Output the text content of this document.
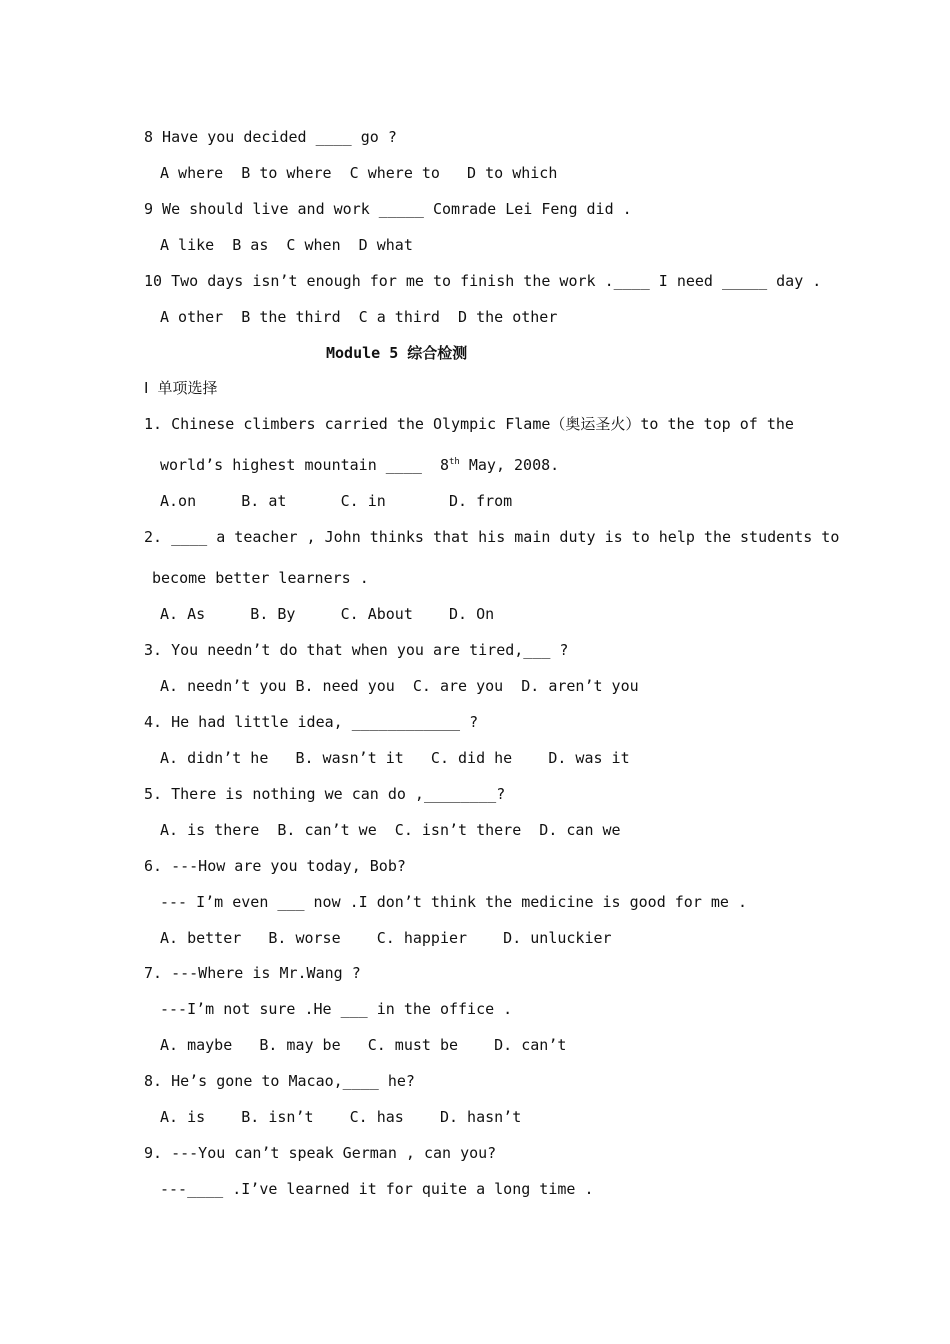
8 Have you decided ____ go ?
A where  B to where  C where to   D to which
9 We should live and work _____ Comrade Lei Feng did .
A like  B as  C when  D what
10 Two days isn’t enough for me to finish the work .____ I need _____ day .
A other  B the third  C a third  D the other
Module 5 综合检测
Ⅰ 单项选择
1. Chinese climbers carried the Olympic Flame（奥运圣火）to the top of the
world’s highest mountain ____  8th May, 2008.
A.on     B. at      C. in       D. from
2. ____ a teacher , John thinks that his main duty is to help the students to
become better learners .
A. As     B. By     C. About    D. On
3. You needn’t do that when you are tired,___ ?
A. needn’t you B. need you  C. are you  D. aren’t you
4. He had little idea, ____________ ?
A. didn’t he   B. wasn’t it   C. did he    D. was it
5. There is nothing we can do ,________?
A. is there  B. can’t we  C. isn’t there  D. can we
6. ---How are you today, Bob?
--- I’m even ___ now .I don’t think the medicine is good for me .
A. better   B. worse    C. happier    D. unluckier
7. ---Where is Mr.Wang ?
---I’m not sure .He ___ in the office .
A. maybe   B. may be   C. must be    D. can’t
8. He’s gone to Macao,____ he?
A. is    B. isn’t    C. has    D. hasn’t
9. ---You can’t speak German , can you?
---____ .I’ve learned it for quite a long time .
